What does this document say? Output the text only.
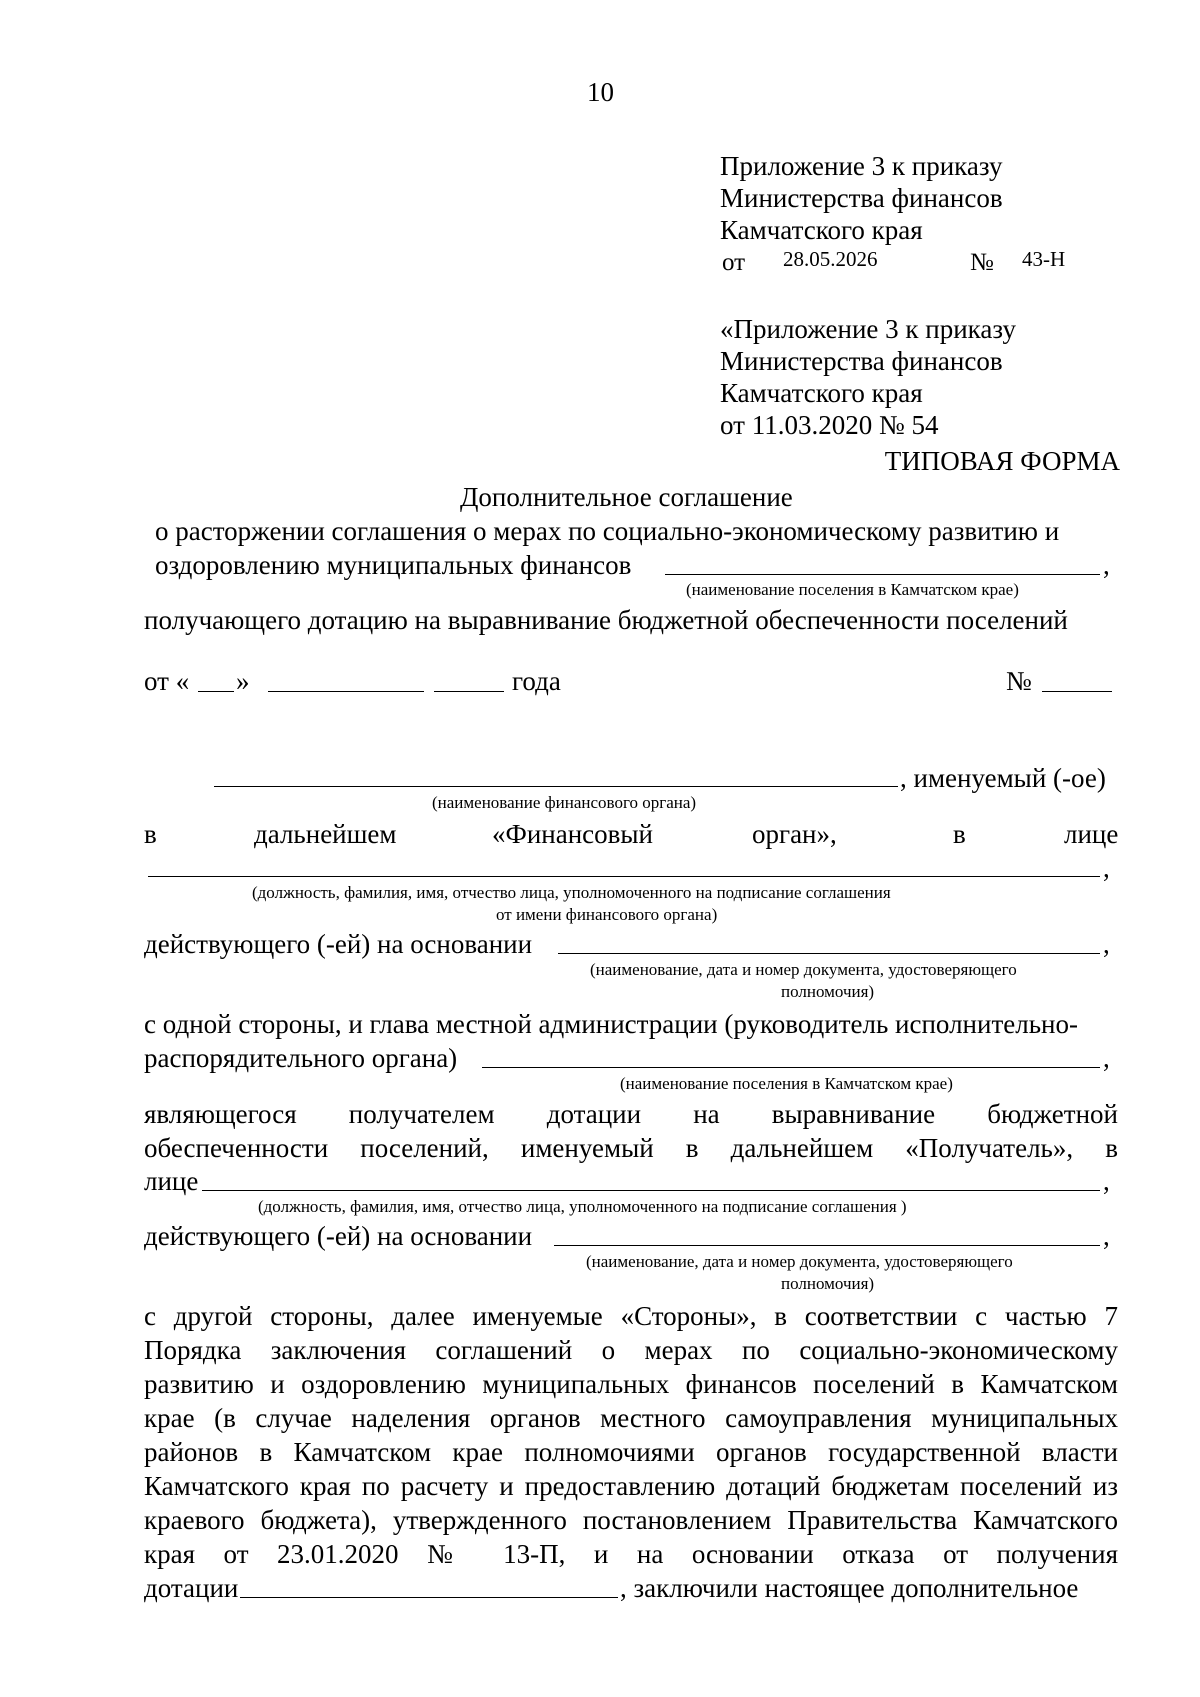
10
Приложение 3 к приказу
Министерства финансов
Камчатского края
от 28.05.2026	№ 43-Н
«Приложение 3 к приказу
Министерства финансов
Камчатского края
от 11.03.2020 № 54
ТИПОВАЯ ФОРМА
Дополнительное соглашение
о расторжении соглашения о мерах по социально-экономическому развитию и
оздоровлению муниципальных финансов	,
(наименование поселения в Камчатском крае)
получающего дотацию на выравнивание бюджетной обеспеченности поселений
от « »	года	№
, именуемый (-ое)
(наименование финансового органа)
в	дальнейшем	«Финансовый	орган»,	в	лице
,
(должность, фамилия, имя, отчество лица, уполномоченного на подписание соглашения
от имени финансового органа)
действующего (-ей) на основании	,
(наименование, дата и номер документа, удостоверяющего
полномочия)
с одной стороны, и глава местной администрации (руководитель исполнительно-
распорядительного органа)	,
(наименование поселения в Камчатском крае)
являющегося получателем дотации на выравнивание бюджетной
обеспеченности поселений, именуемый в дальнейшем «Получатель», в
лице	,
(должность, фамилия, имя, отчество лица, уполномоченного на подписание соглашения )
действующего (-ей) на основании	,
(наименование, дата и номер документа, удостоверяющего
полномочия)
с другой стороны, далее именуемые «Стороны», в соответствии с частью 7
Порядка заключения соглашений о мерах по социально-экономическому
развитию и оздоровлению муниципальных финансов поселений в Камчатском
крае (в случае наделения органов местного самоуправления муниципальных
районов в Камчатском крае полномочиями органов государственной власти
Камчатского края по расчету и предоставлению дотаций бюджетам поселений из
краевого бюджета), утвержденного постановлением Правительства Камчатского
края от 23.01.2020 № 13-П, и на основании отказа от получения
дотации	, заключили настоящее дополнительное
